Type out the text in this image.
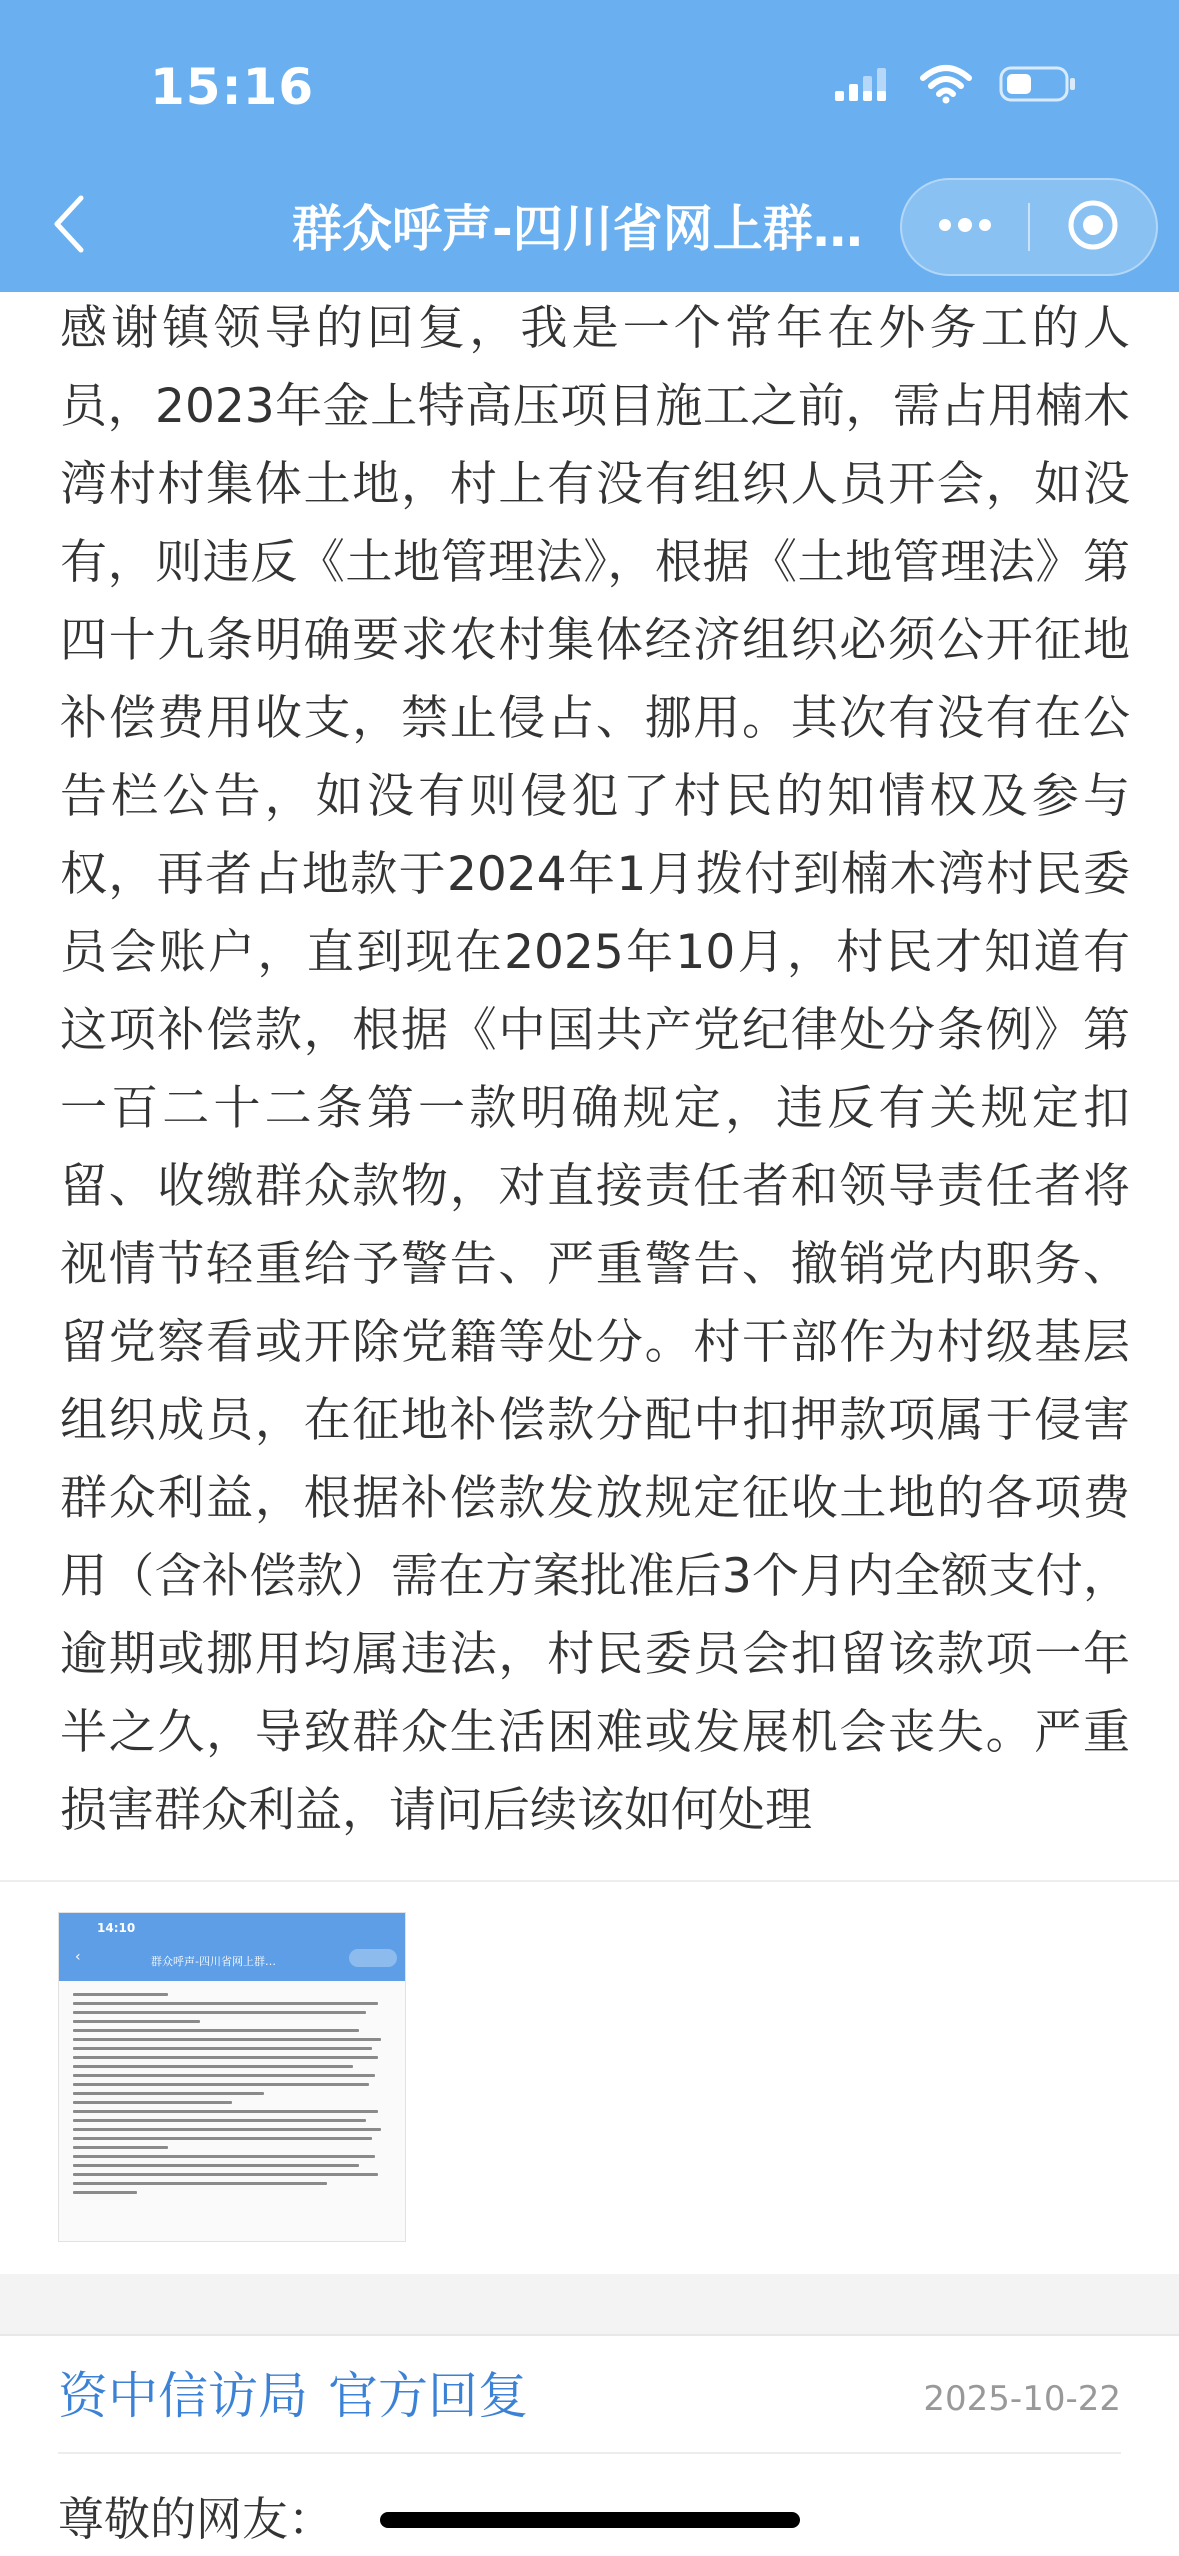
15:16
群众呼声-四川省网上群…
感谢镇领导的回复，我是一个常年在外务工的人员，2023年金上特高压项目施工之前，需占用楠木湾村村集体土地，村上有没有组织人员开会，如没有，则违反《土地管理法》，根据《土地管理法》第四十九条明确要求农村集体经济组织必须公开征地补偿费用收支，禁止侵占、挪用。其次有没有在公告栏公告，如没有则侵犯了村民的知情权及参与权，再者占地款于2024年1月拨付到楠木湾村民委员会账户，直到现在2025年10月，村民才知道有这项补偿款，根据《中国共产党纪律处分条例》第一百二十二条第一款明确规定，违反有关规定扣留、收缴群众款物，对直接责任者和领导责任者将视情节轻重给予警告、严重警告、撤销党内职务、留党察看或开除党籍等处分。村干部作为村级基层组织成员，在征地补偿款分配中扣押款项属于侵害群众利益，根据补偿款发放规定征收土地的各项费用（含补偿款）需在方案批准后3个月内全额支付，逾期或挪用均属违法，村民委员会扣留该款项一年半之久，导致群众生活困难或发展机会丧失。严重损害群众利益，请问后续该如何处理
14:10
‹	群众呼声-四川省网上群…
资中信访局 官方回复	2025-10-22
尊敬的网友：
